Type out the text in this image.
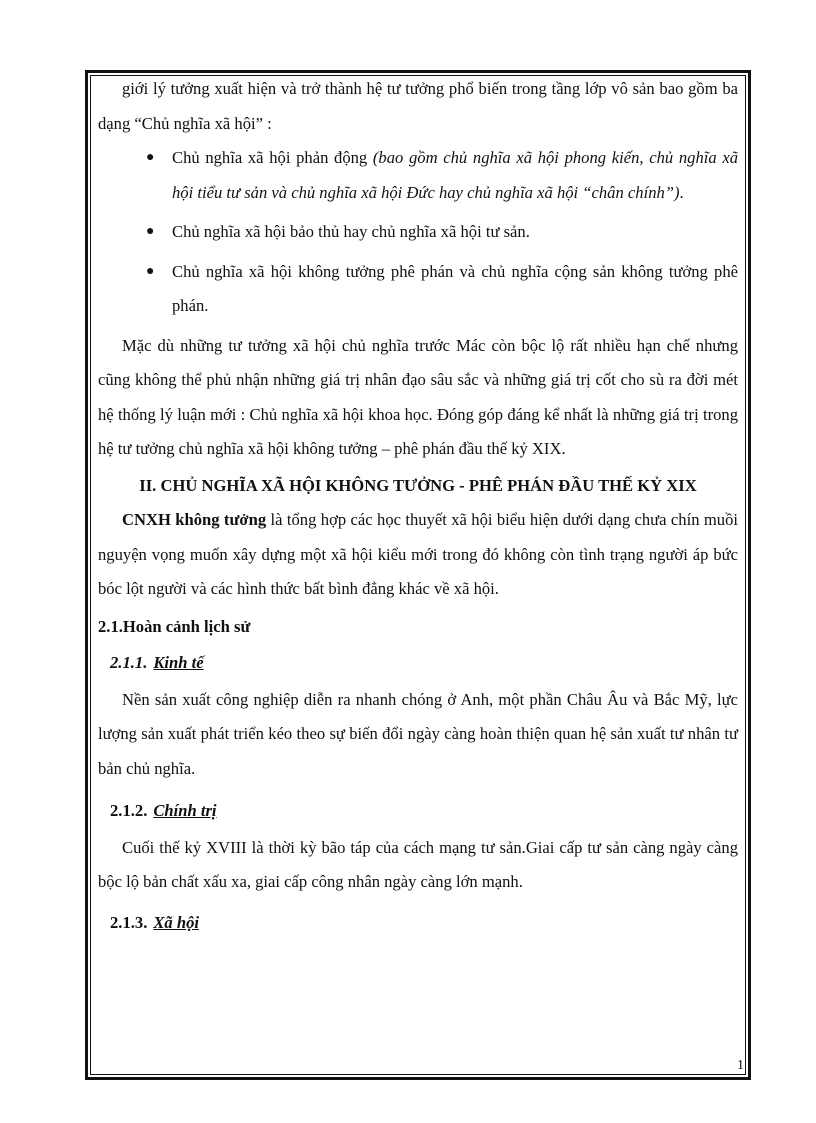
giới lý tưởng xuất hiện và trở thành hệ tư tưởng phổ biến trong tầng lớp vô sản bao gồm ba dạng “Chủ nghĩa xã hội” :

● Chủ nghĩa xã hội phản động (bao gồm chủ nghĩa xã hội phong kiến, chủ nghĩa xã hội tiểu tư sản và chủ nghĩa xã hội Đức hay chủ nghĩa xã hội “chân chính”).
● Chủ nghĩa xã hội bảo thủ hay chủ nghĩa xã hội tư sản.
● Chủ nghĩa xã hội không tưởng phê phán và chủ nghĩa cộng sản không tưởng phê phán.

Mặc dù những tư tưởng xã hội chủ nghĩa trước Mác còn bộc lộ rất nhiều hạn chế nhưng cũng không thể phủ nhận những giá trị nhân đạo sâu sắc và những giá trị cốt cho sù ra đời mét hệ thống lý luận mới : Chủ nghĩa xã hội khoa học. Đóng góp đáng kể nhất là những giá trị trong hệ tư tưởng chủ nghĩa xã hội không tưởng – phê phán đầu thế kỷ XIX.

II. CHỦ NGHĨA XÃ HỘI KHÔNG TƯỞNG - PHÊ PHÁN ĐẦU THẾ KỶ XIX

CNXH không tưởng là tổng hợp các học thuyết xã hội biểu hiện dưới dạng chưa chín muồi nguyện vọng muốn xây dựng một xã hội kiểu mới trong đó không còn tình trạng người áp bức bóc lột người và các hình thức bất bình đẳng khác về xã hội.

2.1.Hoàn cảnh lịch sử

2.1.1. Kinh tế

Nền sản xuất công nghiệp diễn ra nhanh chóng ở Anh, một phần Châu Âu và Bắc Mỹ, lực lượng sản xuất phát triển kéo theo sự biến đổi ngày càng hoàn thiện quan hệ sản xuất tư nhân tư bản chủ nghĩa.

2.1.2. Chính trị

Cuối thế kỷ XVIII là thời kỳ bão táp của cách mạng tư sản.Giai cấp tư sản càng ngày càng bộc lộ bản chất xấu xa, giai cấp công nhân ngày càng lớn mạnh.

2.1.3. Xã hội
1
